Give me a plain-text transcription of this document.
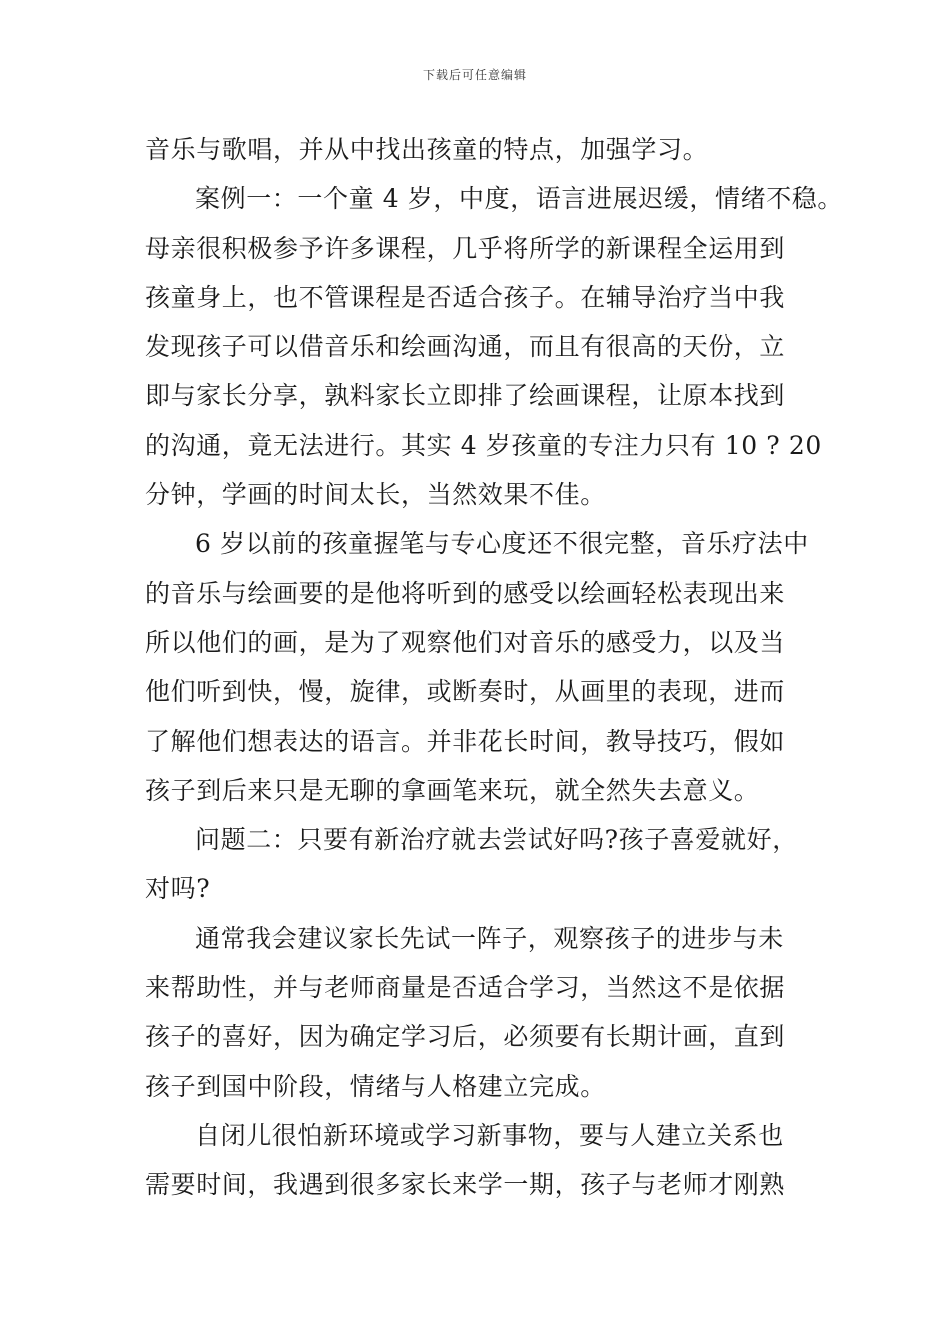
下载后可任意编辑
音乐与歌唱，并从中找出孩童的特点，加强学习。
案例一：一个童 4 岁，中度，语言进展迟缓，情绪不稳。
母亲很积极参予许多课程，几乎将所学的新课程全运用到
孩童身上，也不管课程是否适合孩子。在辅导治疗当中我
发现孩子可以借音乐和绘画沟通，而且有很高的天份，立
即与家长分享，孰料家长立即排了绘画课程，让原本找到
的沟通，竟无法进行。其实 4 岁孩童的专注力只有 10 ? 20
分钟，学画的时间太长，当然效果不佳。
6 岁以前的孩童握笔与专心度还不很完整，音乐疗法中
的音乐与绘画要的是他将听到的感受以绘画轻松表现出来
所以他们的画，是为了观察他们对音乐的感受力，以及当
他们听到快，慢，旋律，或断奏时，从画里的表现，进而
了解他们想表达的语言。并非花长时间，教导技巧，假如
孩子到后来只是无聊的拿画笔来玩，就全然失去意义。
问题二：只要有新治疗就去尝试好吗?孩子喜爱就好，
对吗?
通常我会建议家长先试一阵子，观察孩子的进步与未
来帮助性，并与老师商量是否适合学习，当然这不是依据
孩子的喜好，因为确定学习后，必须要有长期计画，直到
孩子到国中阶段，情绪与人格建立完成。
自闭儿很怕新环境或学习新事物，要与人建立关系也
需要时间，我遇到很多家长来学一期，孩子与老师才刚熟
